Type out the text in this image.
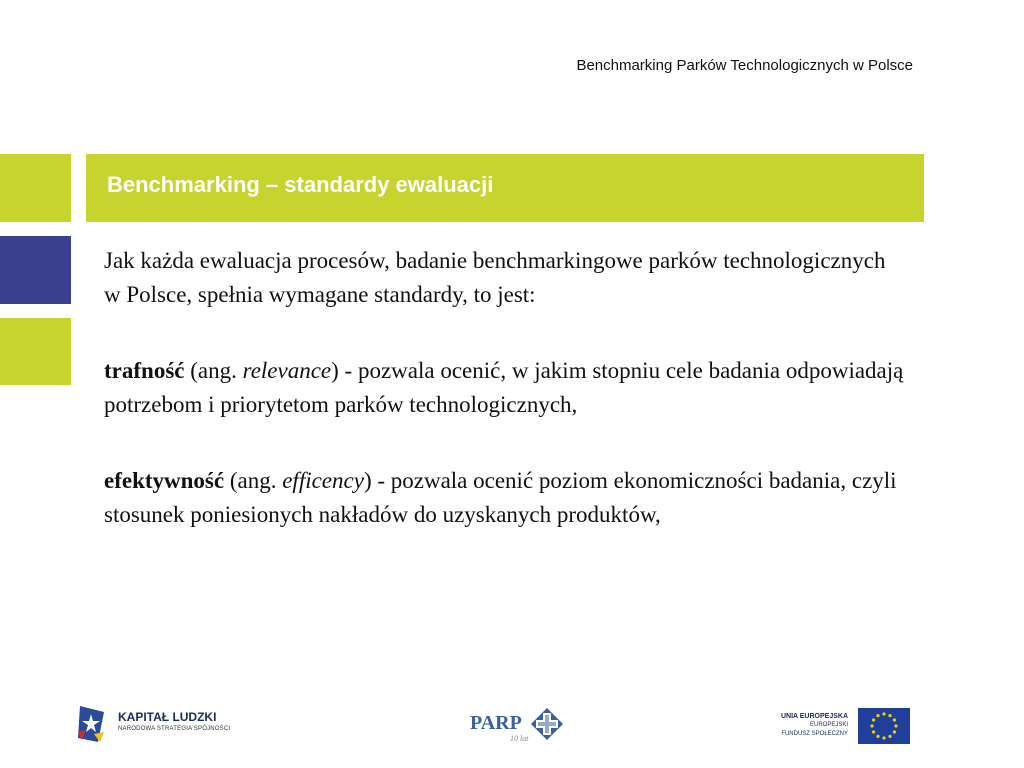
Benchmarking Parków Technologicznych w Polsce
Benchmarking – standardy ewaluacji

Jak każda ewaluacja procesów, badanie benchmarkingowe parków technologicznych w Polsce, spełnia wymagane standardy, to jest:

trafność (ang. relevance) - pozwala ocenić, w jakim stopniu cele badania odpowiadają potrzebom i priorytetom parków technologicznych,

efektywność (ang. efficency) - pozwala ocenić poziom ekonomiczności badania, czyli stosunek poniesionych nakładów do uzyskanych produktów,

KAPITAŁ LUDZKI
NARODOWA STRATEGIA SPÓJNOŚCI	PARP
10 lat
UNIA EUROPEJSKA
EUROPEJSKI
FUNDUSZ SPOŁECZNY
